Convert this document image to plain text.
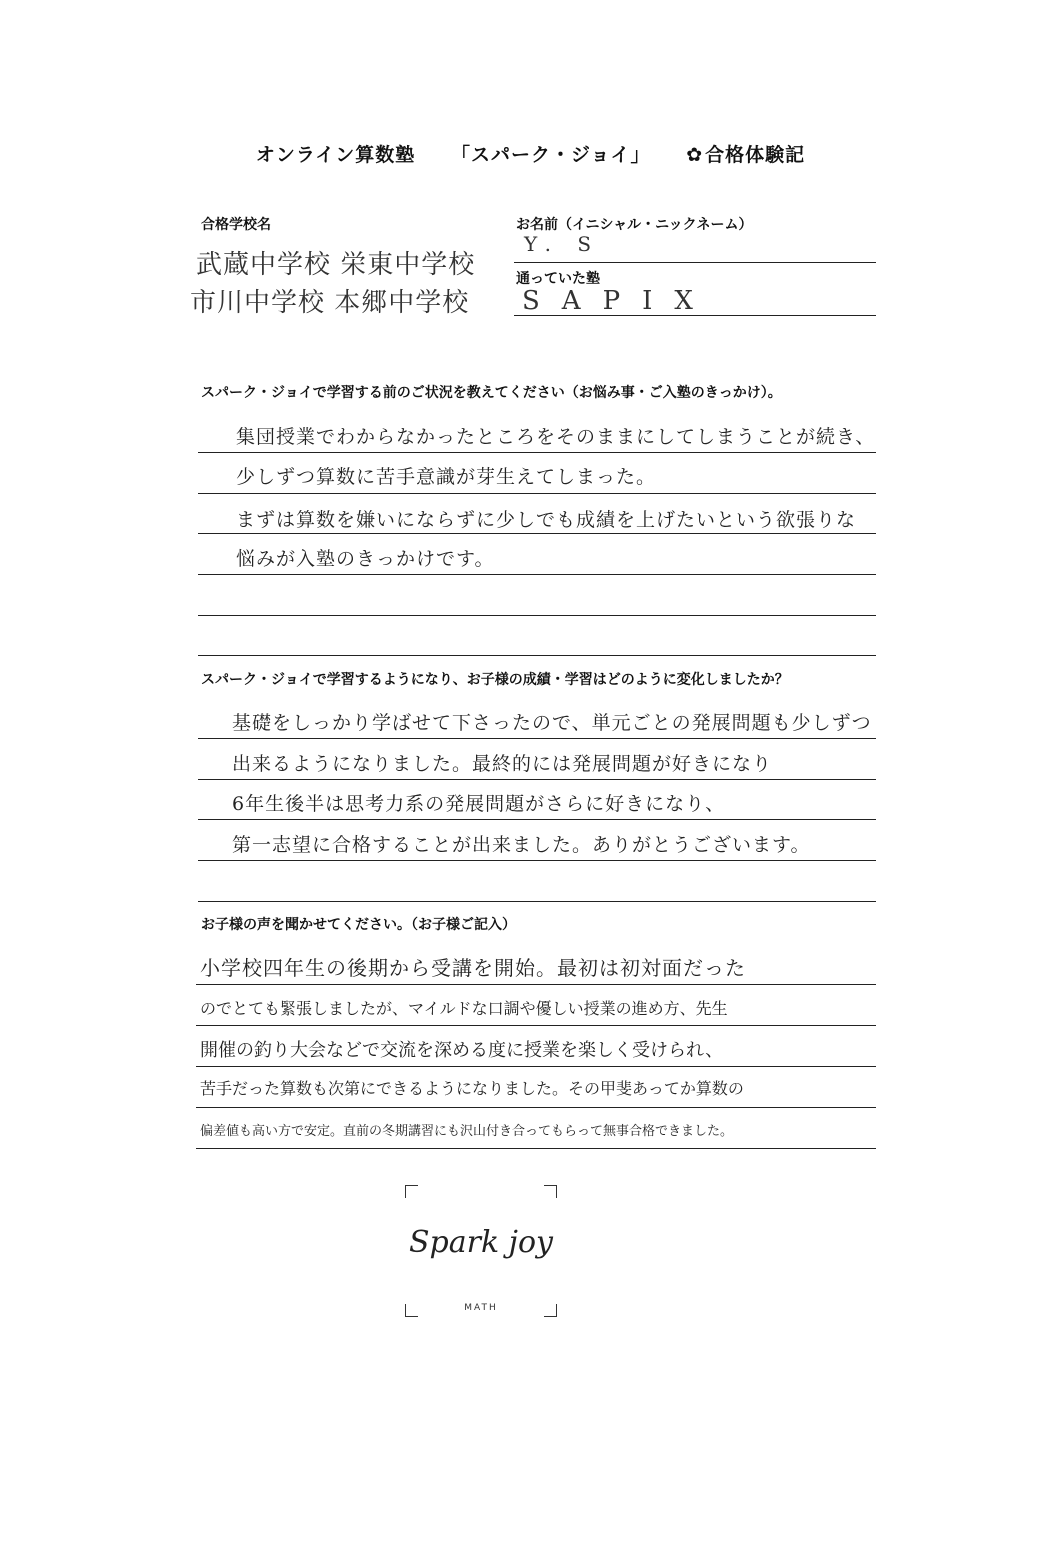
オンライン算数塾 「スパーク・ジョイ」 ✿ 合格体験記
合格学校名
武蔵中学校 栄東中学校
市川中学校 本郷中学校
お名前（イニシャル・ニックネーム）
Y. S
通っていた塾
SAPIX
スパーク・ジョイで学習する前のご状況を教えてください（お悩み事・ご入塾のきっかけ）。
集団授業でわからなかったところをそのままにしてしまうことが続き、
少しずつ算数に苦手意識が芽生えてしまった。
まずは算数を嫌いにならずに少しでも成績を上げたいという欲張りな
悩みが入塾のきっかけです。
スパーク・ジョイで学習するようになり、お子様の成績・学習はどのように変化しましたか？
基礎をしっかり学ばせて下さったので、単元ごとの発展問題も少しずつ
出来るようになりました。最終的には発展問題が好きになり
6年生後半は思考力系の発展問題がさらに好きになり、
第一志望に合格することが出来ました。ありがとうございます。
お子様の声を聞かせてください。（お子様ご記入）
小学校四年生の後期から受講を開始。最初は初対面だった
のでとても緊張しましたが、マイルドな口調や優しい授業の進め方、先生
開催の釣り大会などで交流を深める度に授業を楽しく受けられ、
苦手だった算数も次第にできるようになりました。その甲斐あってか算数の
偏差値も高い方で安定。直前の冬期講習にも沢山付き合ってもらって無事合格できました。
Spark joy
MATH
